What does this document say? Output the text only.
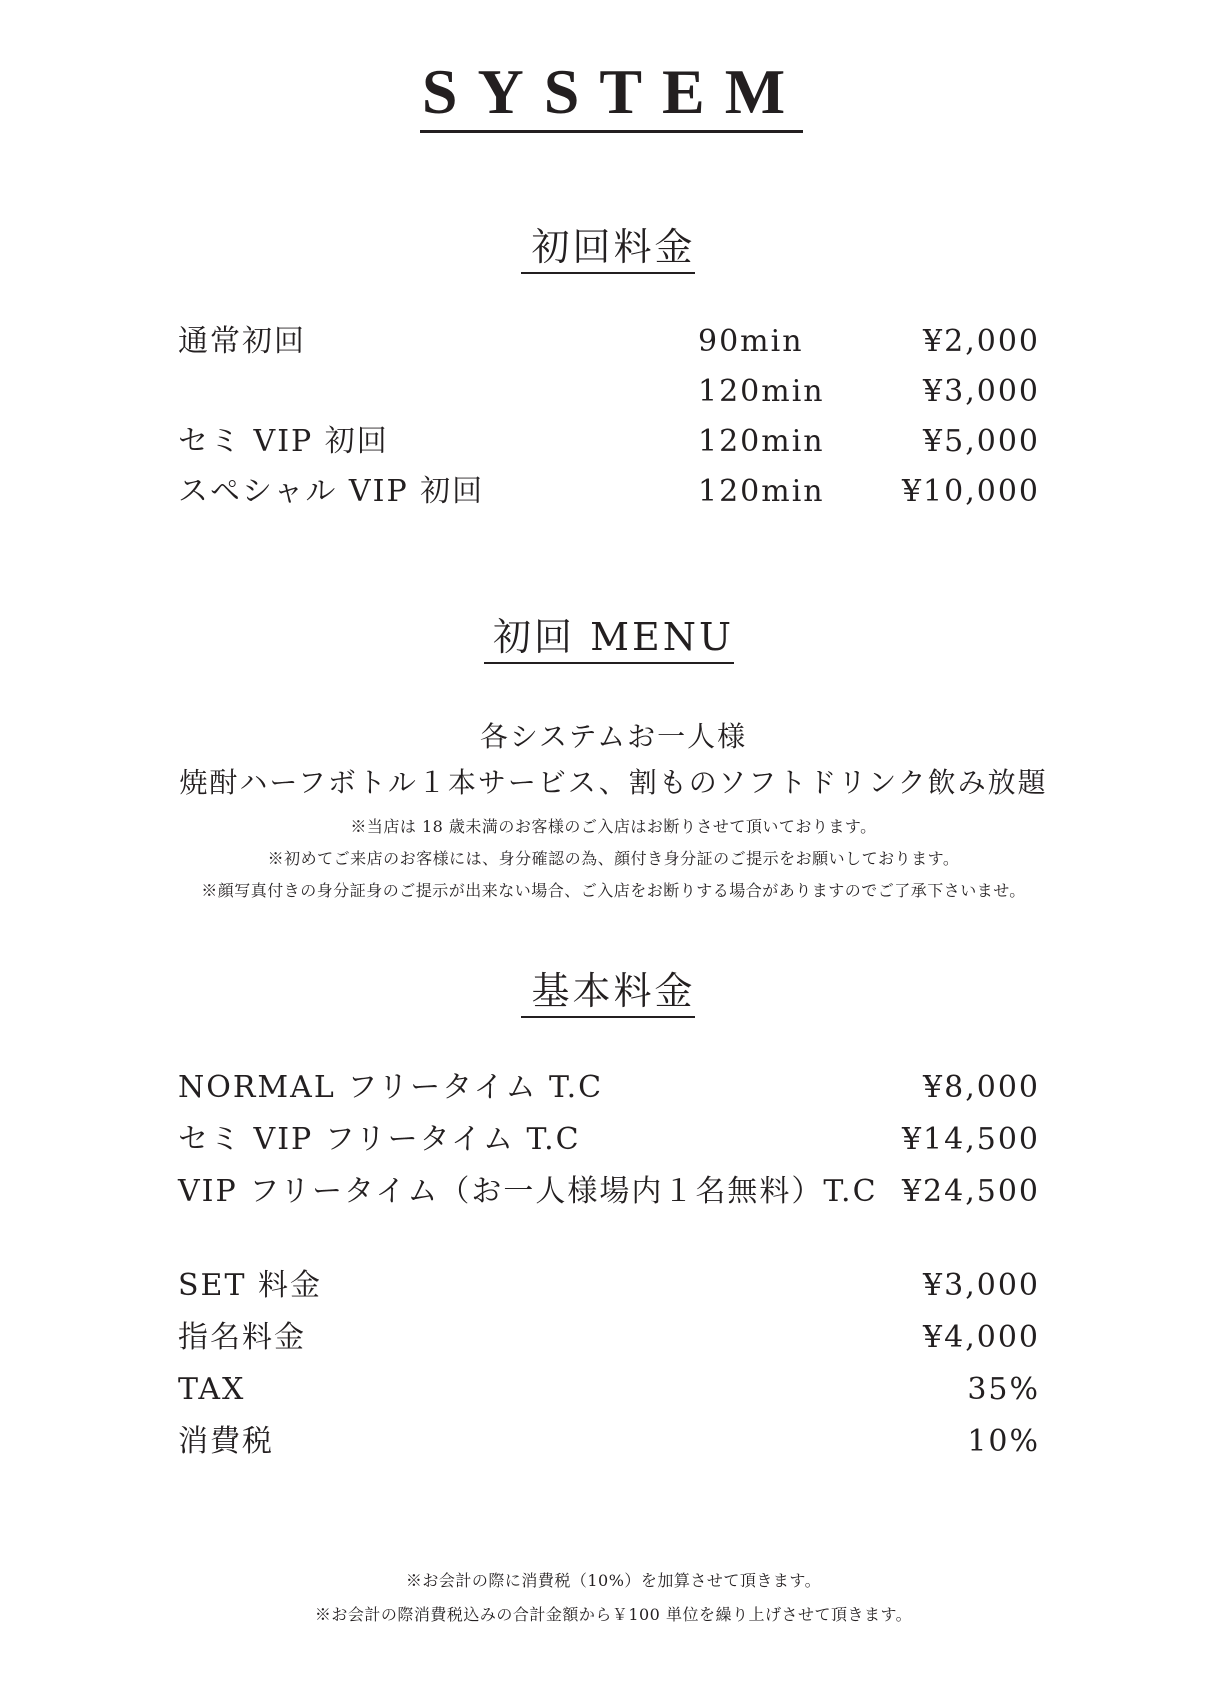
SYSTEM
初回料金
通常初回	90min	¥2,000
120min	¥3,000
セミ VIP 初回	120min	¥5,000
スペシャル VIP 初回	120min	¥10,000
初回 MENU
各システムお一人様
焼酎ハーフボトル１本サービス、割ものソフトドリンク飲み放題
※当店は 18 歳未満のお客様のご入店はお断りさせて頂いております。
※初めてご来店のお客様には、身分確認の為、顔付き身分証のご提示をお願いしております。
※顔写真付きの身分証身のご提示が出来ない場合、ご入店をお断りする場合がありますのでご了承下さいませ。
基本料金
NORMAL フリータイム T.C	¥8,000
セミ VIP フリータイム T.C	¥14,500
VIP フリータイム（お一人様場内１名無料）T.C ¥24,500
SET 料金	¥3,000
指名料金	¥4,000
TAX	35%
消費税	10%
※お会計の際に消費税（10%）を加算させて頂きます。
※お会計の際消費税込みの合計金額から￥100 単位を繰り上げさせて頂きます。
